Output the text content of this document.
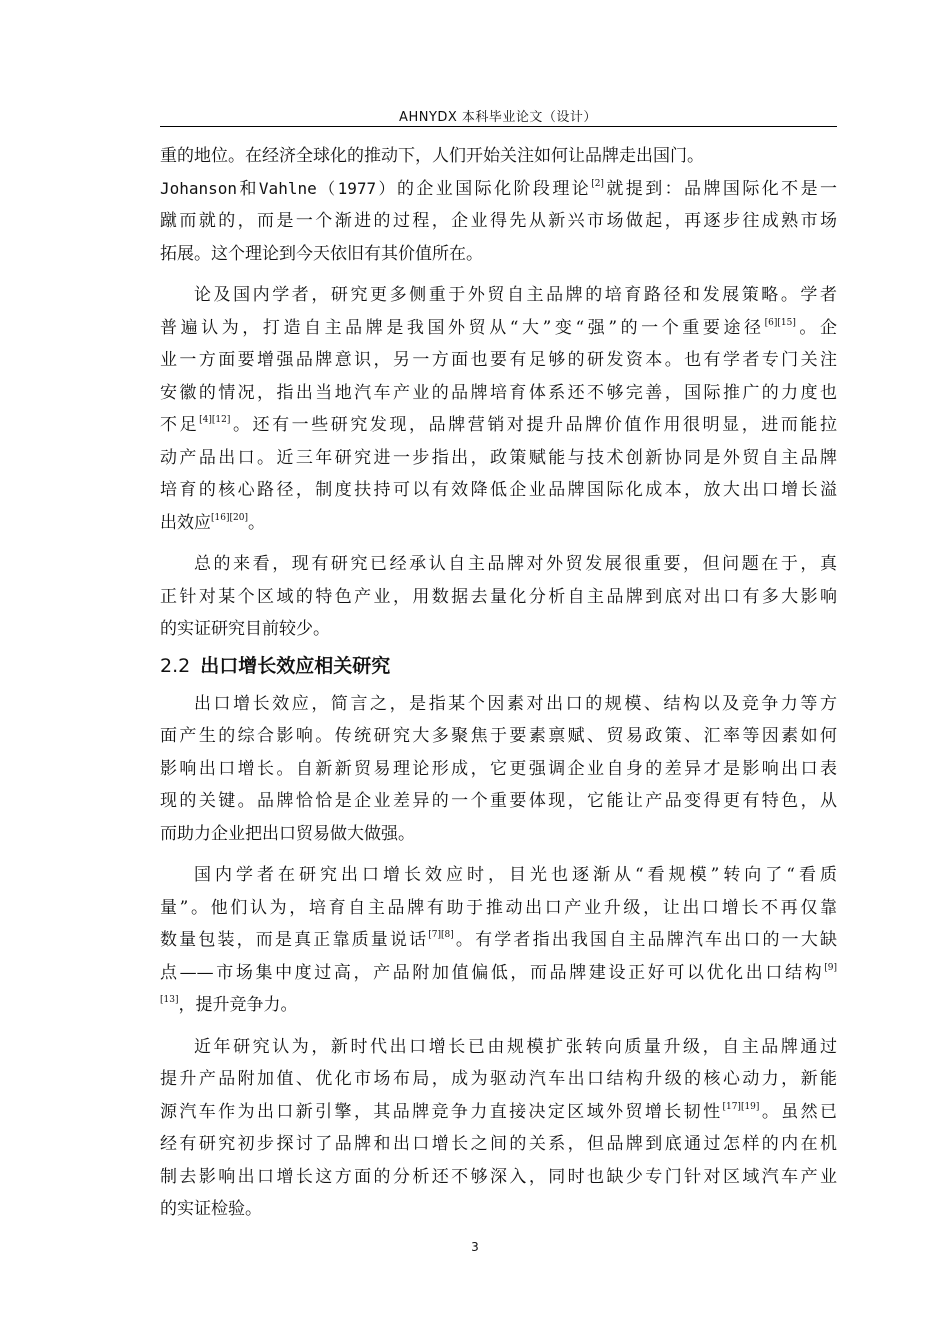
AHNYDX 本科毕业论文（设计）

重的地位。在经济全球化的推动下，人们开始关注如何让品牌走出国门。
Johanson和Vahlne（1977）的企业国际化阶段理论[2]就提到：品牌国际化不是一
蹴而就的，而是一个渐进的过程，企业得先从新兴市场做起，再逐步往成熟市场
拓展。这个理论到今天依旧有其价值所在。

论及国内学者，研究更多侧重于外贸自主品牌的培育路径和发展策略。学者
普遍认为，打造自主品牌是我国外贸从“大”变“强”的一个重要途径[6][15]。企
业一方面要增强品牌意识，另一方面也要有足够的研发资本。也有学者专门关注
安徽的情况，指出当地汽车产业的品牌培育体系还不够完善，国际推广的力度也
不足[4][12]。还有一些研究发现，品牌营销对提升品牌价值作用很明显，进而能拉
动产品出口。近三年研究进一步指出，政策赋能与技术创新协同是外贸自主品牌
培育的核心路径，制度扶持可以有效降低企业品牌国际化成本，放大出口增长溢
出效应[16][20]。

总的来看，现有研究已经承认自主品牌对外贸发展很重要，但问题在于，真
正针对某个区域的特色产业，用数据去量化分析自主品牌到底对出口有多大影响
的实证研究目前较少。

2.2 出口增长效应相关研究

出口增长效应，简言之，是指某个因素对出口的规模、结构以及竞争力等方
面产生的综合影响。传统研究大多聚焦于要素禀赋、贸易政策、汇率等因素如何
影响出口增长。自新新贸易理论形成，它更强调企业自身的差异才是影响出口表
现的关键。品牌恰恰是企业差异的一个重要体现，它能让产品变得更有特色，从
而助力企业把出口贸易做大做强。

国内学者在研究出口增长效应时，目光也逐渐从“看规模”转向了“看质
量”。他们认为，培育自主品牌有助于推动出口产业升级，让出口增长不再仅靠
数量包装，而是真正靠质量说话[7][8]。有学者指出我国自主品牌汽车出口的一大缺
点——市场集中度过高，产品附加值偏低，而品牌建设正好可以优化出口结构[9]
[13]，提升竞争力。

近年研究认为，新时代出口增长已由规模扩张转向质量升级，自主品牌通过
提升产品附加值、优化市场布局，成为驱动汽车出口结构升级的核心动力，新能
源汽车作为出口新引擎，其品牌竞争力直接决定区域外贸增长韧性[17][19]。虽然已
经有研究初步探讨了品牌和出口增长之间的关系，但品牌到底通过怎样的内在机
制去影响出口增长这方面的分析还不够深入，同时也缺少专门针对区域汽车产业
的实证检验。

3
